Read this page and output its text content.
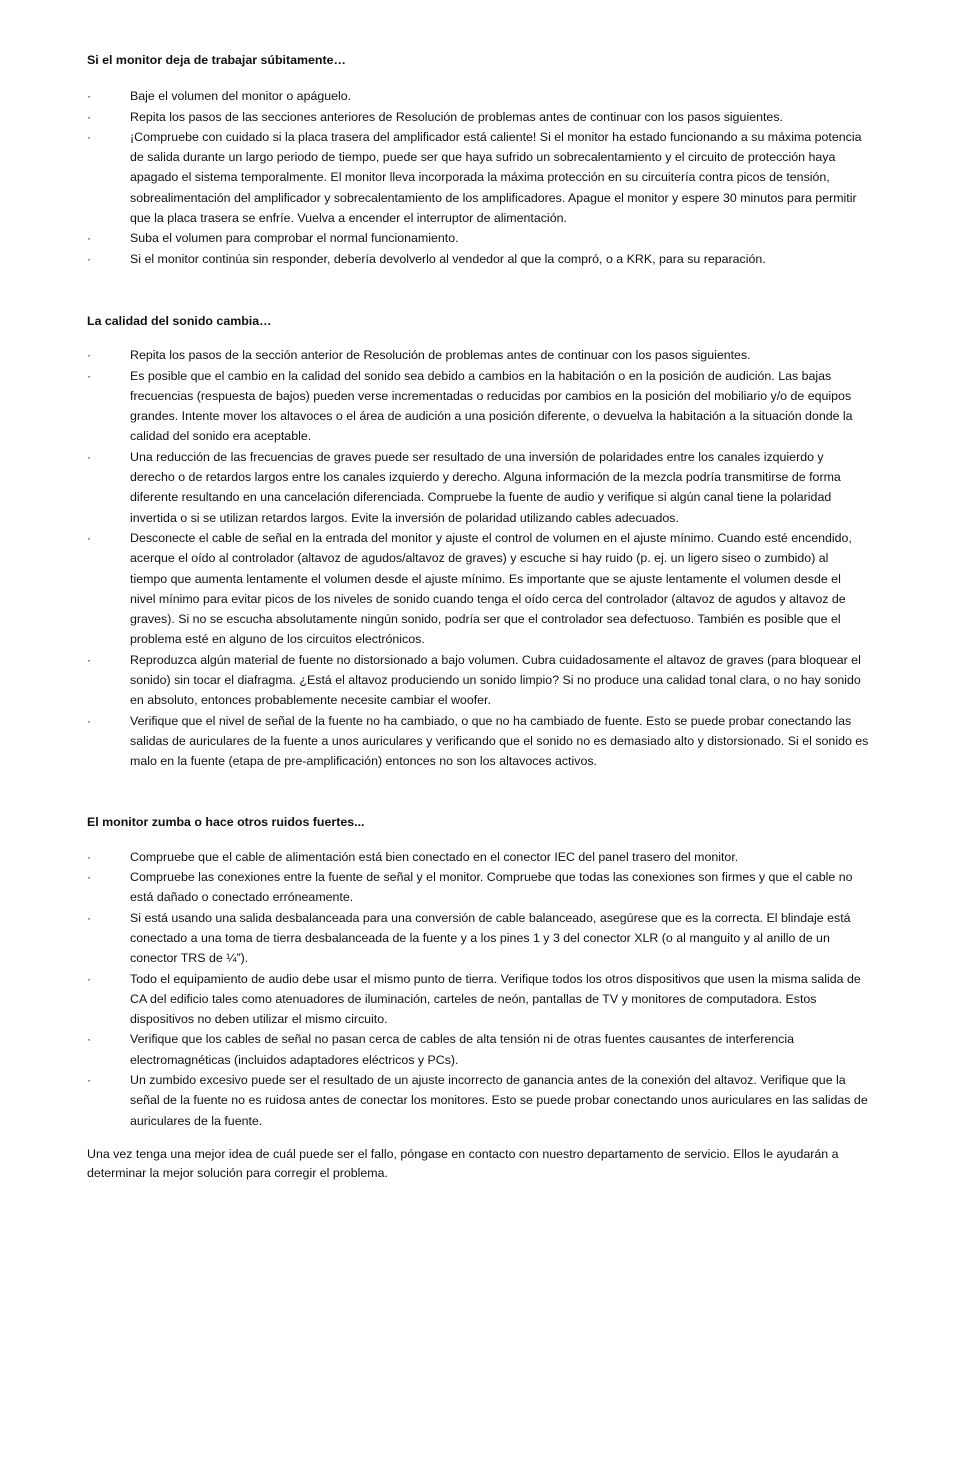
Si el monitor deja de trabajar súbitamente…

·	Baje el volumen del monitor o apáguelo.
·	Repita los pasos de las secciones anteriores de Resolución de problemas antes de continuar con los pasos siguientes.
·	¡Compruebe con cuidado si la placa trasera del amplificador está caliente! Si el monitor ha estado funcionando a su máxima potencia de salida durante un largo periodo de tiempo, puede ser que haya sufrido un sobrecalentamiento y el circuito de protección haya apagado el sistema temporalmente. El monitor lleva incorporada la máxima protección en su circuitería contra picos de tensión, sobrealimentación del amplificador y sobrecalentamiento de los amplificadores. Apague el monitor y espere 30 minutos para permitir que la placa trasera se enfríe. Vuelva a encender el interruptor de alimentación.
·	Suba el volumen para comprobar el normal funcionamiento.
·	Si el monitor continúa sin responder, debería devolverlo al vendedor al que la compró, o a KRK, para su reparación.

La calidad del sonido cambia…

·	Repita los pasos de la sección anterior de Resolución de problemas antes de continuar con los pasos siguientes.
·	Es posible que el cambio en la calidad del sonido sea debido a cambios en la habitación o en la posición de audición. Las bajas frecuencias (respuesta de bajos) pueden verse incrementadas o reducidas por cambios en la posición del mobiliario y/o de equipos grandes. Intente mover los altavoces o el área de audición a una posición diferente, o devuelva la habitación a la situación donde la calidad del sonido era aceptable.
·	Una reducción de las frecuencias de graves puede ser resultado de una inversión de polaridades entre los canales izquierdo y derecho o de retardos largos entre los canales izquierdo y derecho. Alguna información de la mezcla podría transmitirse de forma diferente resultando en una cancelación diferenciada. Compruebe la fuente de audio y verifique si algún canal tiene la polaridad invertida o si se utilizan retardos largos. Evite la inversión de polaridad utilizando cables adecuados.
·	Desconecte el cable de señal en la entrada del monitor y ajuste el control de volumen en el ajuste mínimo. Cuando esté encendido, acerque el oído al controlador (altavoz de agudos/altavoz de graves) y escuche si hay ruido (p. ej. un ligero siseo o zumbido) al tiempo que aumenta lentamente el volumen desde el ajuste mínimo. Es importante que se ajuste lentamente el volumen desde el nivel mínimo para evitar picos de los niveles de sonido cuando tenga el oído cerca del controlador (altavoz de agudos y altavoz de graves). Si no se escucha absolutamente ningún sonido, podría ser que el controlador sea defectuoso. También es posible que el problema esté en alguno de los circuitos electrónicos.
·	Reproduzca algún material de fuente no distorsionado a bajo volumen. Cubra cuidadosamente el altavoz de graves (para bloquear el sonido) sin tocar el diafragma. ¿Está el altavoz produciendo un sonido limpio? Si no produce una calidad tonal clara, o no hay sonido en absoluto, entonces probablemente necesite cambiar el woofer.
·	Verifique que el nivel de señal de la fuente no ha cambiado, o que no ha cambiado de fuente. Esto se puede probar conectando las salidas de auriculares de la fuente a unos auriculares y verificando que el sonido no es demasiado alto y distorsionado. Si el sonido es malo en la fuente (etapa de pre-amplificación) entonces no son los altavoces activos.

El monitor zumba o hace otros ruidos fuertes...

·	Compruebe que el cable de alimentación está bien conectado en el conector IEC del panel trasero del monitor.
·	Compruebe las conexiones entre la fuente de señal y el monitor. Compruebe que todas las conexiones son firmes y que el cable no está dañado o conectado erróneamente.
·	Si está usando una salida desbalanceada para una conversión de cable balanceado, asegúrese que es la correcta. El blindaje está conectado a una toma de tierra desbalanceada de la fuente y a los pines 1 y 3 del conector XLR (o al manguito y al anillo de un conector TRS de ¼”).
·	Todo el equipamiento de audio debe usar el mismo punto de tierra. Verifique todos los otros dispositivos que usen la misma salida de CA del edificio tales como atenuadores de iluminación, carteles de neón, pantallas de TV y monitores de computadora. Estos dispositivos no deben utilizar el mismo circuito.
·	Verifique que los cables de señal no pasan cerca de cables de alta tensión ni de otras fuentes causantes de interferencia electromagnéticas (incluidos adaptadores eléctricos y PCs).
·	Un zumbido excesivo puede ser el resultado de un ajuste incorrecto de ganancia antes de la conexión del altavoz. Verifique que la señal de la fuente no es ruidosa antes de conectar los monitores. Esto se puede probar conectando unos auriculares en las salidas de auriculares de la fuente.

Una vez tenga una mejor idea de cuál puede ser el fallo, póngase en contacto con nuestro departamento de servicio. Ellos le ayudarán a determinar la mejor solución para corregir el problema.
